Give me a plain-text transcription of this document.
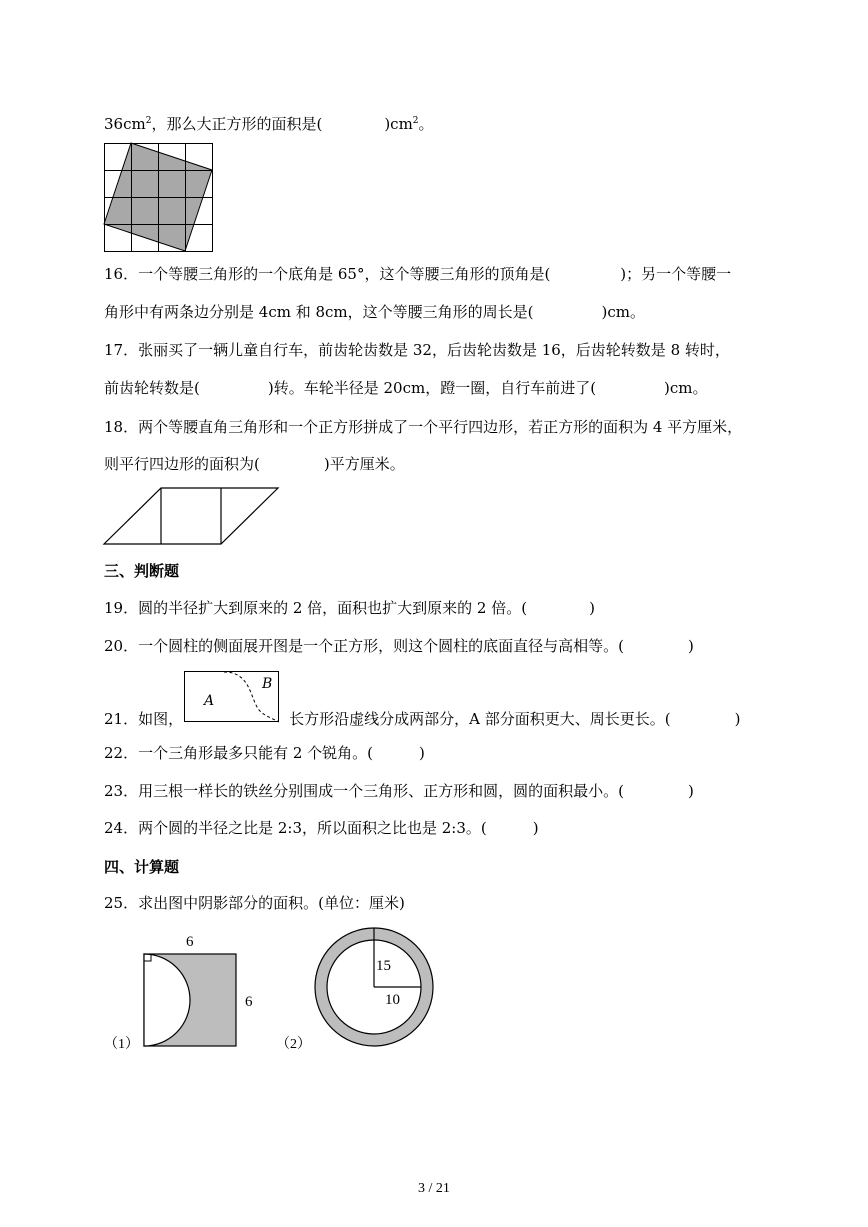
$36cm^2$，那么大正方形的面积是(	)$cm^2$。
16．一个等腰三角形的一个底角是 65°，这个等腰三角形的顶角是(	)；另一个等腰一
角形中有两条边分别是 4cm 和 8cm，这个等腰三角形的周长是(	)cm。
17．张丽买了一辆儿童自行车，前齿轮齿数是 32，后齿轮齿数是 16，后齿轮转数是 8 转时，
前齿轮转数是(	)转。车轮半径是 20cm，蹬一圈，自行车前进了(	)cm。
18．两个等腰直角三角形和一个正方形拼成了一个平行四边形，若正方形的面积为 4 平方厘米，
则平行四边形的面积为(	)平方厘米。
三、判断题
19．圆的半径扩大到原来的 2 倍，面积也扩大到原来的 2 倍。(	)
20．一个圆柱的侧面展开图是一个正方形，则这个圆柱的底面直径与高相等。(	)
A
B
21．如图，	长方形沿虚线分成两部分，A 部分面积更大、周长更长。(	)
22．一个三角形最多只能有 2 个锐角。(	)
23．用三根一样长的铁丝分别围成一个三角形、正方形和圆，圆的面积最小。(	)
24．两个圆的半径之比是 2:3，所以面积之比也是 2:3。(	)
四、计算题
25．求出图中阴影部分的面积。(单位：厘米)
6
6
（1）
15
10
（2）
3 / 21
